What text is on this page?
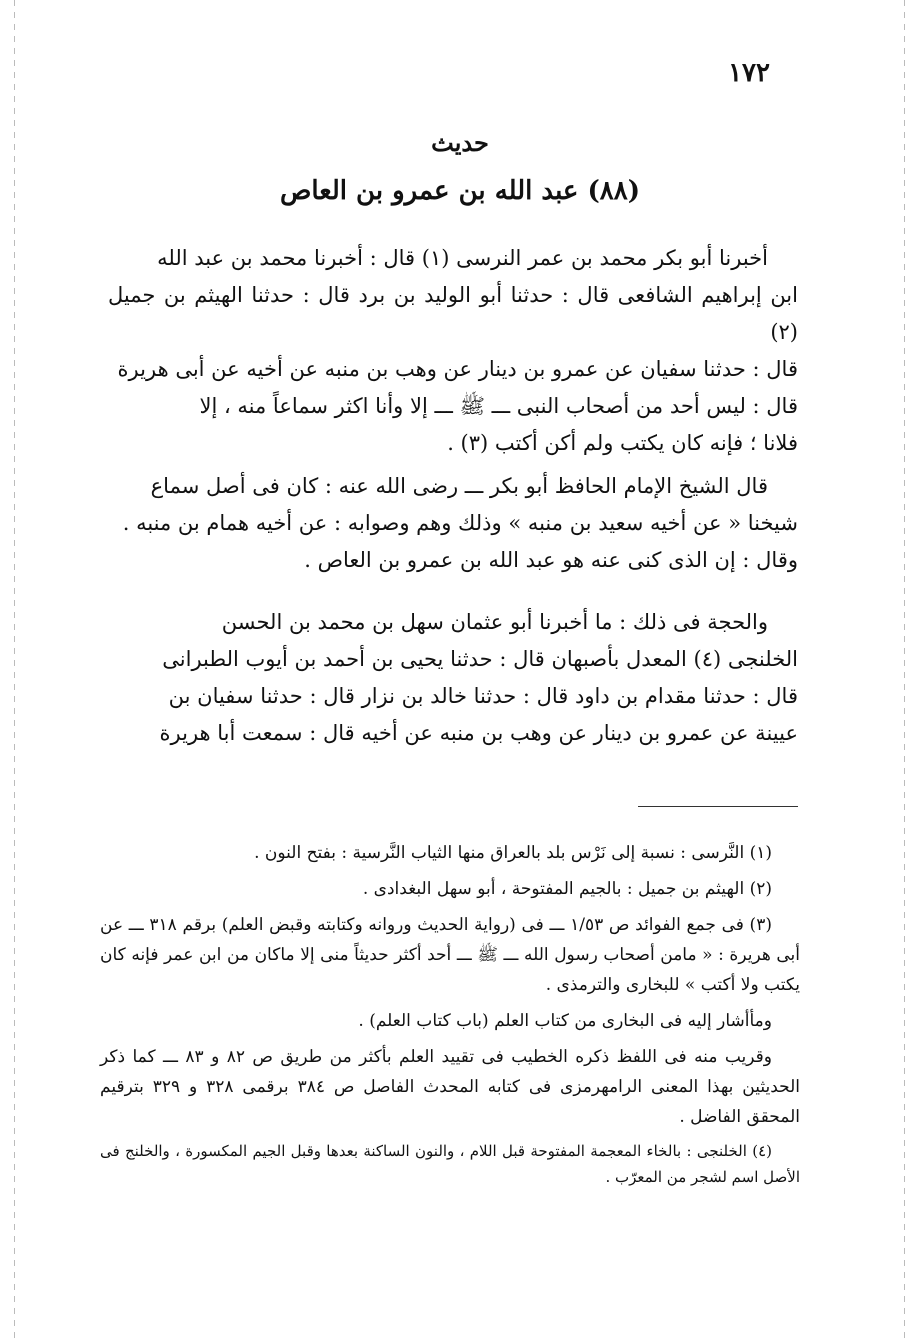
١٧٢
حديث
(٨٨) عبد الله بن عمرو بن العاص
أخبرنا أبو بكر محمد بن عمر النرسى (١) قال : أخبرنا محمد بن عبد الله
ابن إبراهيم الشافعى قال : حدثنا أبو الوليد بن برد قال : حدثنا الهيثم بن جميل (٢)
قال : حدثنا سفيان عن عمرو بن دينار عن وهب بن منبه عن أخيه عن أبى هريرة
قال : ليس أحد من أصحاب النبى ـــ ﷺ ـــ إلا وأنا اكثر سماعاً منه ، إلا
فلانا ؛ فإنه كان يكتب ولم أكن أكتب (٣) .
قال الشيخ الإمام الحافظ أبو بكر ـــ رضى الله عنه : كان فى أصل سماع
شيخنا « عن أخيه سعيد بن منبه » وذلك وهم وصوابه : عن أخيه همام بن منبه .
وقال : إن الذى كنى عنه هو عبد الله بن عمرو بن العاص .
والحجة فى ذلك : ما أخبرنا أبو عثمان سهل بن محمد بن الحسن
الخلنجى (٤) المعدل بأصبهان قال : حدثنا يحيى بن أحمد بن أيوب الطبرانى
قال : حدثنا مقدام بن داود قال : حدثنا خالد بن نزار قال : حدثنا سفيان بن
عيينة عن عمرو بن دينار عن وهب بن منبه عن أخيه قال : سمعت أبا هريرة
(١) النَّرسى : نسبة إلى نَرْس بلد بالعراق منها الثياب النَّرسية : بفتح النون .
(٢) الهيثم بن جميل : بالجيم المفتوحة ، أبو سهل البغدادى .
(٣) فى جمع الفوائد ص ١/٥٣ ـــ فى (رواية الحديث وروانه وكتابته وقبض العلم) برقم ٣١٨ ـــ عن أبى هريرة : « مامن أصحاب رسول الله ـــ ﷺ ـــ أحد أكثر حديثاً منى إلا ماكان من ابن عمر فإنه كان يكتب ولا أكتب » للبخارى والترمذى .
ومأأشار إليه فى البخارى من كتاب العلم (باب كتاب العلم) .
وقريب منه فى اللفظ ذكره الخطيب فى تقييد العلم بأكثر من طريق ص ٨٢ و ٨٣ ـــ كما ذكر الحديثين بهذا المعنى الرامهرمزى فى كتابه المحدث الفاصل ص ٣٨٤ برقمى ٣٢٨ و ٣٢٩ بترقيم المحقق الفاضل .
(٤) الخلنجى : بالخاء المعجمة المفتوحة قبل اللام ، والنون الساكنة بعدها وقبل الجيم المكسورة ، والخلنج فى الأصل اسم لشجر من المعرّب .
